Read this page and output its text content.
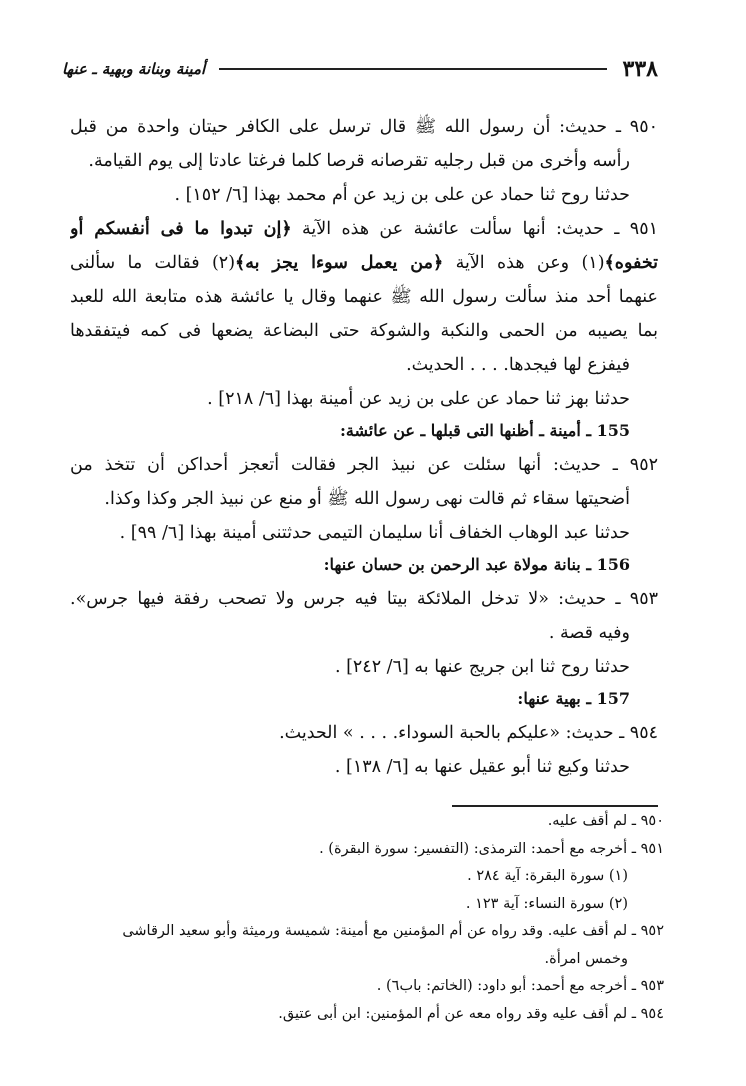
٣٣٨
أمينة وبنانة وبهية ـ عنها
٩٥٠ ـ حديث: أن رسول الله ﷺ قال ترسل على الكافر حيتان واحدة من قبل
رأسه وأخرى من قبل رجليه تقرصانه قرصا كلما فرغتا عادتا إلى يوم القيامة.
حدثنا روح ثنا حماد عن على بن زيد عن أم محمد بهذا [٦/ ١٥٢] .
٩٥١ ـ حديث: أنها سألت عائشة عن هذه الآية ﴿إن تبدوا ما فى أنفسكم أو
تخفوه﴾(١) وعن هذه الآية ﴿من يعمل سوءا يجز به﴾(٢) فقالت ما سألنى
عنهما أحد منذ سألت رسول الله ﷺ عنهما وقال يا عائشة هذه متابعة الله للعبد
بما يصيبه من الحمى والنكبة والشوكة حتى البضاعة يضعها فى كمه فيتفقدها
فيفزع لها فيجدها. . . . الحديث.
حدثنا بهز ثنا حماد عن على بن زيد عن أمينة بهذا [٦/ ٢١٨] .
155 ـ أمينة ـ أظنها التى قبلها ـ عن عائشة:
٩٥٢ ـ حديث: أنها سئلت عن نبيذ الجر فقالت أتعجز أحداكن أن تتخذ من
أضحيتها سقاء ثم قالت نهى رسول الله ﷺ أو منع عن نبيذ الجر وكذا وكذا.
حدثنا عبد الوهاب الخفاف أنا سليمان التيمى حدثتنى أمينة بهذا [٦/ ٩٩] .
156 ـ بنانة مولاة عبد الرحمن بن حسان عنها:
٩٥٣ ـ حديث: «لا تدخل الملائكة بيتا فيه جرس ولا تصحب رفقة فيها جرس».
وفيه قصة .
حدثنا روح ثنا ابن جريج عنها به [٦/ ٢٤٢] .
157 ـ بهية عنها:
٩٥٤ ـ حديث: «عليكم بالحبة السوداء. . . . » الحديث.
حدثنا وكيع ثنا أبو عقيل عنها به [٦/ ١٣٨] .
٩٥٠ ـ لم أقف عليه.
٩٥١ ـ أخرجه مع أحمد: الترمذى: (التفسير: سورة البقرة) .
(١) سورة البقرة: آية ٢٨٤ .
(٢) سورة النساء: آية ١٢٣ .
٩٥٢ ـ لم أقف عليه. وقد رواه عن أم المؤمنين مع أمينة: شميسة ورميثة وأبو سعيد الرقاشى
وخمس امرأة.
٩٥٣ ـ أخرجه مع أحمد: أبو داود: (الخاتم: باب٦) .
٩٥٤ ـ لم أقف عليه وقد رواه معه عن أم المؤمنين: ابن أبى عتيق.
